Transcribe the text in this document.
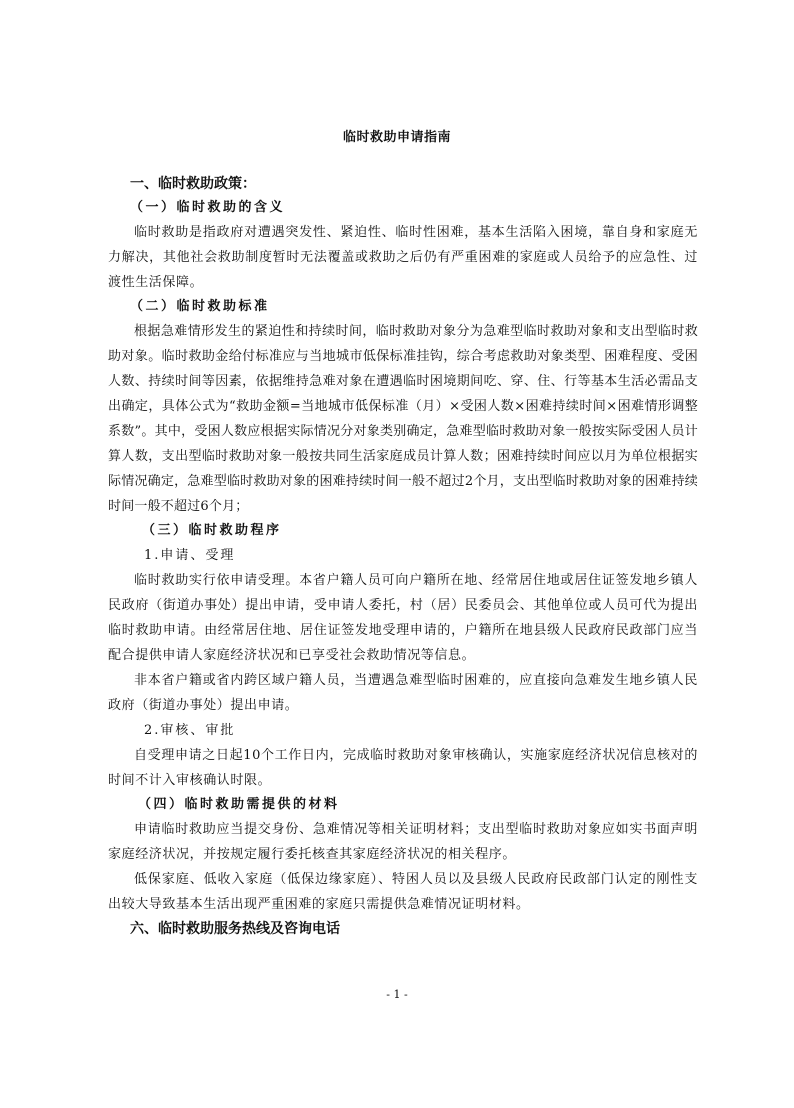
临时救助申请指南
一、临时救助政策：
（一）临时救助的含义

临时救助是指政府对遭遇突发性、紧迫性、临时性困难，基本生活陷入困境，靠自身和家庭无力解决，其他社会救助制度暂时无法覆盖或救助之后仍有严重困难的家庭或人员给予的应急性、过渡性生活保障。

（二）临时救助标准

根据急难情形发生的紧迫性和持续时间，临时救助对象分为急难型临时救助对象和支出型临时救助对象。临时救助金给付标准应与当地城市低保标准挂钩，综合考虑救助对象类型、困难程度、受困人数、持续时间等因素，依据维持急难对象在遭遇临时困境期间吃、穿、住、行等基本生活必需品支出确定，具体公式为“救助金额=当地城市低保标准（月）×受困人数×困难持续时间×困难情形调整系数”。其中，受困人数应根据实际情况分对象类别确定，急难型临时救助对象一般按实际受困人员计算人数，支出型临时救助对象一般按共同生活家庭成员计算人数；困难持续时间应以月为单位根据实际情况确定，急难型临时救助对象的困难持续时间一般不超过2个月，支出型临时救助对象的困难持续时间一般不超过6个月；

（三）临时救助程序
1.申请、受理

临时救助实行依申请受理。本省户籍人员可向户籍所在地、经常居住地或居住证签发地乡镇人民政府（街道办事处）提出申请，受申请人委托，村（居）民委员会、其他单位或人员可代为提出临时救助申请。由经常居住地、居住证签发地受理申请的，户籍所在地县级人民政府民政部门应当配合提供申请人家庭经济状况和已享受社会救助情况等信息。

非本省户籍或省内跨区域户籍人员，当遭遇急难型临时困难的，应直接向急难发生地乡镇人民政府（街道办事处）提出申请。

2.审核、审批

自受理申请之日起10个工作日内，完成临时救助对象审核确认，实施家庭经济状况信息核对的时间不计入审核确认时限。

（四）临时救助需提供的材料

申请临时救助应当提交身份、急难情况等相关证明材料；支出型临时救助对象应如实书面声明家庭经济状况，并按规定履行委托核查其家庭经济状况的相关程序。

低保家庭、低收入家庭（低保边缘家庭）、特困人员以及县级人民政府民政部门认定的刚性支出较大导致基本生活出现严重困难的家庭只需提供急难情况证明材料。

六、临时救助服务热线及咨询电话
- 1 -
